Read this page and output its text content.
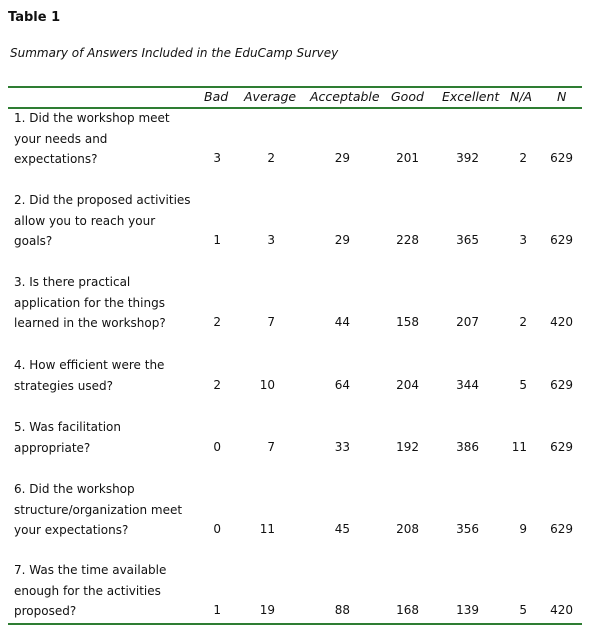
Table 1
Summary of Answers Included in the EduCamp Survey
Bad Average Acceptable Good Excellent N/A N
1. Did the workshop meet
your needs and
expectations?	3	2	29	201	392	2 629
2. Did the proposed activities
allow you to reach your
goals?	1	3	29	228	365	3 629
3. Is there practical
application for the things
learned in the workshop?	2	7	44	158	207	2 420
4. How efficient were the
strategies used?	2	10	64	204	344	5 629
5. Was facilitation
appropriate?	0	7	33	192	386	11 629
6. Did the workshop
structure/organization meet
your expectations?	0	11	45	208	356	9 629
7. Was the time available
enough for the activities
proposed?	1	19	88	168	139	5 420
